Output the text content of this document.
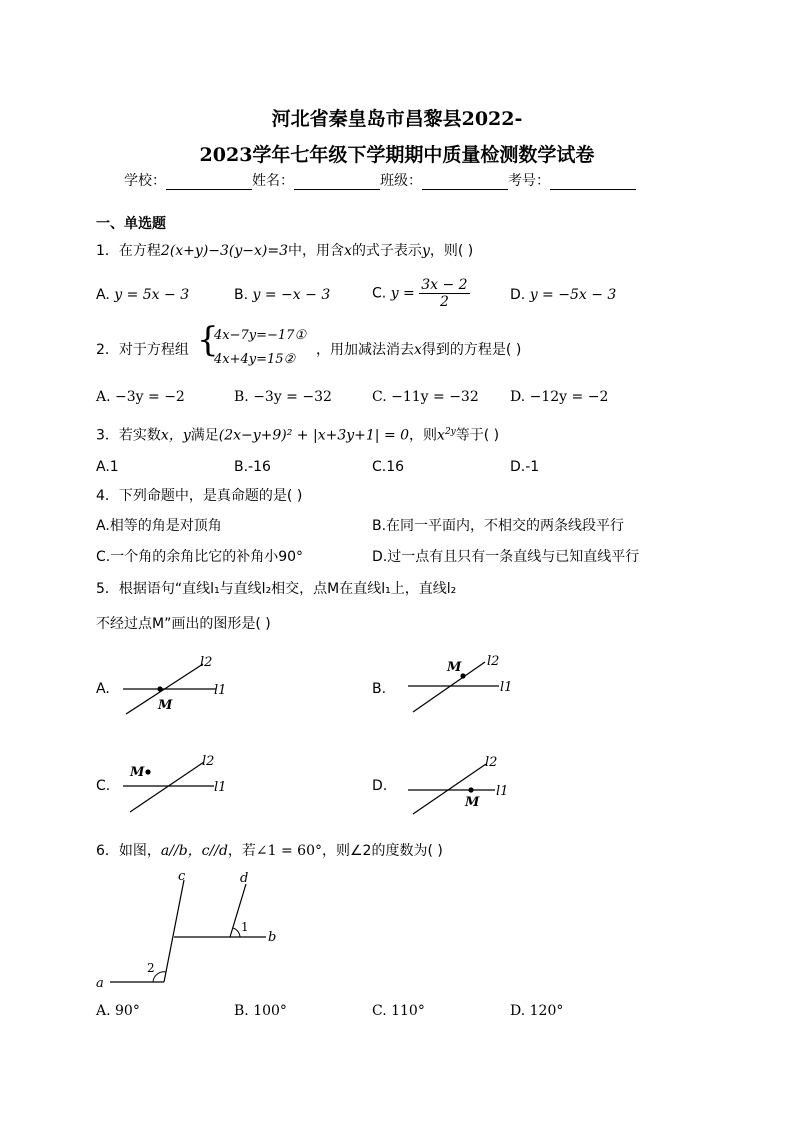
河北省秦皇岛市昌黎县2022-
2023学年七年级下学期期中质量检测数学试卷
学校：	姓名：	班级：	考号：
一、单选题
1．在方程2(x+y)−3(y−x)=3中，用含x的式子表示y，则( )
A. y = 5x − 3	B. y = −x − 3	C. $y = \frac{3x - 2}{2}$	D. y = −5x − 3
2．对于方程组 {
4x−7y=−17①
4x+4y=15②
，用加减法消去x得到的方程是( )
A. −3y = −2	B. −3y = −32	C. −11y = −32 D. −12y = −2
3．若实数x，y满足(2x−y+9)² + |x+3y+1| = 0，则$x^{2y}$等于( )
A.1	B.-16	C.16	D.-1
4．下列命题中，是真命题的是( )
A.相等的角是对顶角	B.在同一平面内，不相交的两条线段平行
C.一个角的余角比它的补角小90°	D.过一点有且只有一条直线与已知直线平行
5．根据语句“直线l₁与直线l₂相交，点M在直线l₁上，直线l₂
不经过点M”画出的图形是( )
A.
l2
l1
M
B.
l2
l1
M
C.
l2
l1
M
D.
l2
l1
M
6．如图，a//b，c//d，若∠1 = 60°，则∠2的度数为( )
c	d
b
a
1
2
A. 90°	B. 100°	C. 110°	D. 120°
